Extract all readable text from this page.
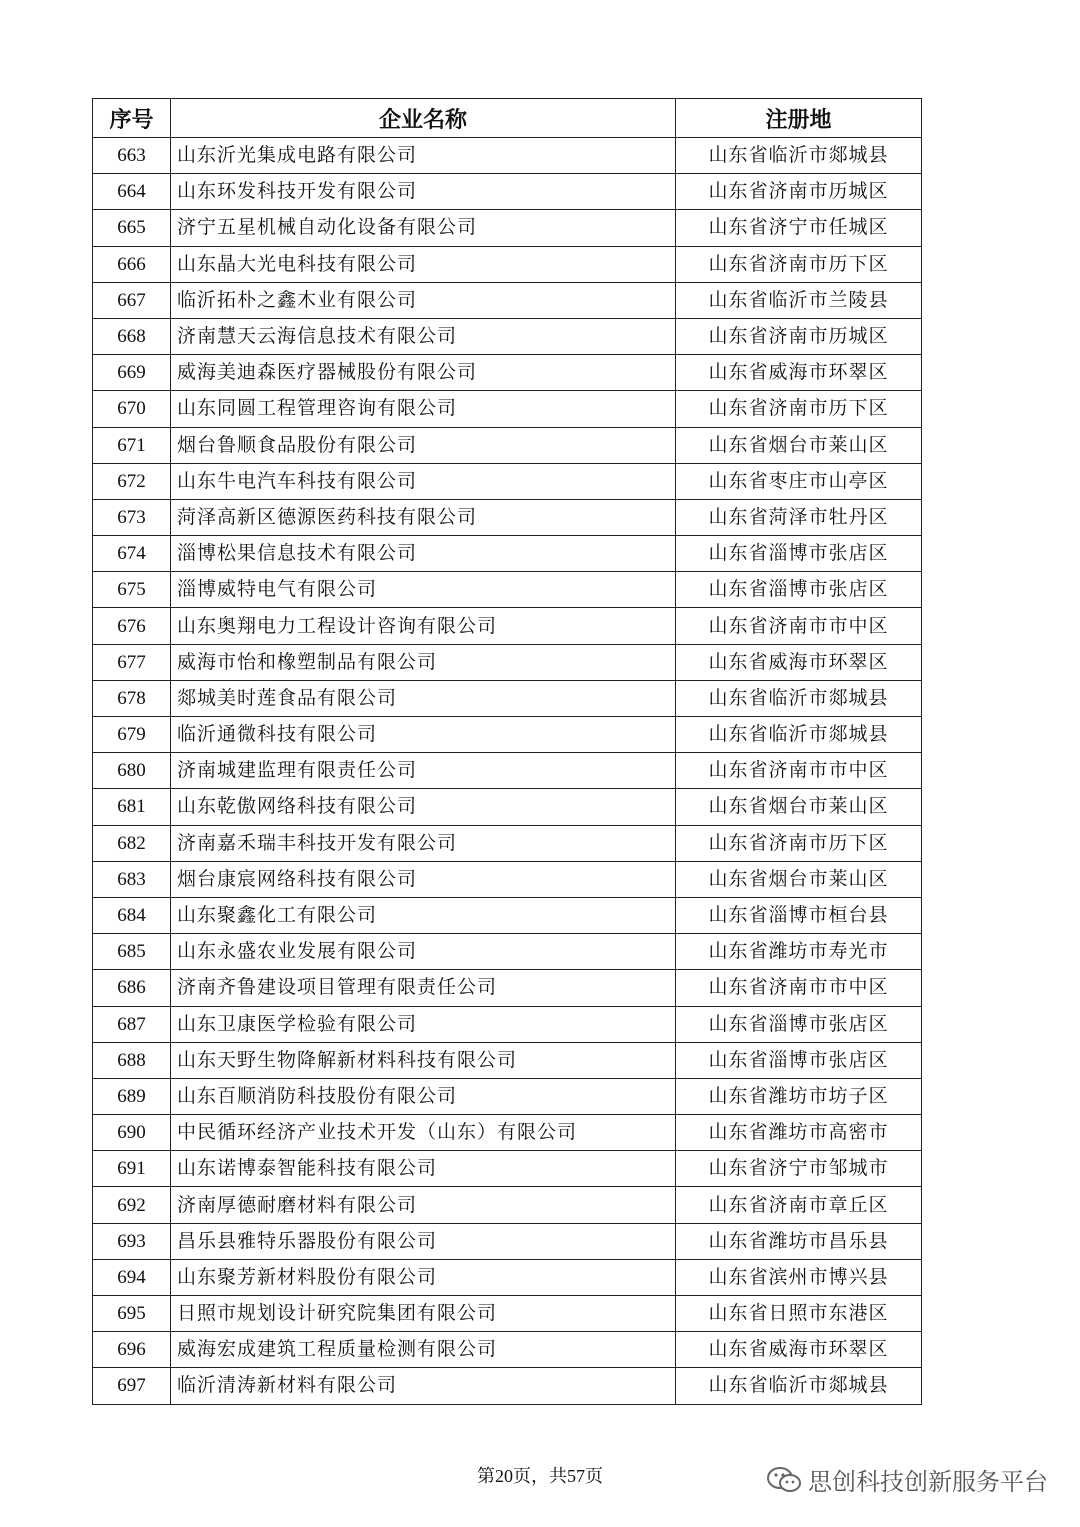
序号	企业名称	注册地
663	山东沂光集成电路有限公司	山东省临沂市郯城县
664	山东环发科技开发有限公司	山东省济南市历城区
665	济宁五星机械自动化设备有限公司	山东省济宁市任城区
666	山东晶大光电科技有限公司	山东省济南市历下区
667	临沂拓朴之鑫木业有限公司	山东省临沂市兰陵县
668	济南慧天云海信息技术有限公司	山东省济南市历城区
669	威海美迪森医疗器械股份有限公司	山东省威海市环翠区
670	山东同圆工程管理咨询有限公司	山东省济南市历下区
671	烟台鲁顺食品股份有限公司	山东省烟台市莱山区
672	山东牛电汽车科技有限公司	山东省枣庄市山亭区
673	菏泽高新区德源医药科技有限公司	山东省菏泽市牡丹区
674	淄博松果信息技术有限公司	山东省淄博市张店区
675	淄博威特电气有限公司	山东省淄博市张店区
676	山东奥翔电力工程设计咨询有限公司	山东省济南市市中区
677	威海市怡和橡塑制品有限公司	山东省威海市环翠区
678	郯城美时莲食品有限公司	山东省临沂市郯城县
679	临沂通微科技有限公司	山东省临沂市郯城县
680	济南城建监理有限责任公司	山东省济南市市中区
681	山东乾傲网络科技有限公司	山东省烟台市莱山区
682	济南嘉禾瑞丰科技开发有限公司	山东省济南市历下区
683	烟台康宸网络科技有限公司	山东省烟台市莱山区
684	山东聚鑫化工有限公司	山东省淄博市桓台县
685	山东永盛农业发展有限公司	山东省潍坊市寿光市
686	济南齐鲁建设项目管理有限责任公司	山东省济南市市中区
687	山东卫康医学检验有限公司	山东省淄博市张店区
688	山东天野生物降解新材料科技有限公司	山东省淄博市张店区
689	山东百顺消防科技股份有限公司	山东省潍坊市坊子区
690	中民循环经济产业技术开发（山东）有限公司	山东省潍坊市高密市
691	山东诺博泰智能科技有限公司	山东省济宁市邹城市
692	济南厚德耐磨材料有限公司	山东省济南市章丘区
693	昌乐县雅特乐器股份有限公司	山东省潍坊市昌乐县
694	山东聚芳新材料股份有限公司	山东省滨州市博兴县
695	日照市规划设计研究院集团有限公司	山东省日照市东港区
696	威海宏成建筑工程质量检测有限公司	山东省威海市环翠区
697	临沂清涛新材料有限公司	山东省临沂市郯城县
第20页，共57页	思创科技创新服务平台
